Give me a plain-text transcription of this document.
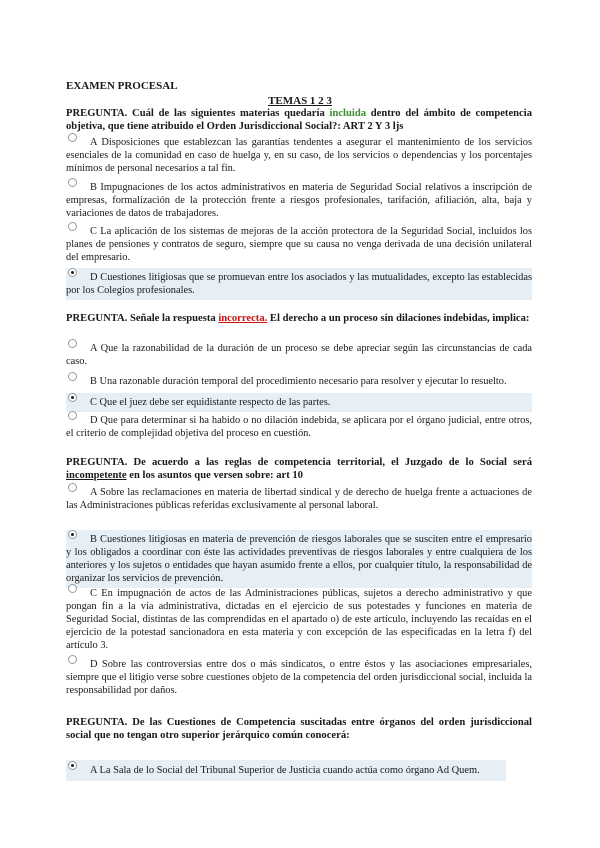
EXAMEN PROCESAL
TEMAS 1 2 3
PREGUNTA. Cuál de las siguientes materias quedaría incluida dentro del ámbito de competencia objetiva, que tiene atribuido el Orden Jurisdiccional Social?: ART 2 Y 3 ljs
A Disposiciones que establezcan las garantías tendentes a asegurar el mantenimiento de los servicios esenciales de la comunidad en caso de huelga y, en su caso, de los servicios o dependencias y los porcentajes mínimos de personal necesarios a tal fin.
B Impugnaciones de los actos administrativos en materia de Seguridad Social relativos a inscripción de empresas, formalización de la protección frente a riesgos profesionales, tarifación, afiliación, alta, baja y variaciones de datos de trabajadores.
C La aplicación de los sistemas de mejoras de la acción protectora de la Seguridad Social, incluidos los planes de pensiones y contratos de seguro, siempre que su causa no venga derivada de una decisión unilateral del empresario.
D Cuestiones litigiosas que se promuevan entre los asociados y las mutualidades, excepto las establecidas por los Colegios profesionales.
PREGUNTA. Señale la respuesta incorrecta. El derecho a un proceso sin dilaciones indebidas, implica:
A Que la razonabilidad de la duración de un proceso se debe apreciar según las circunstancias de cada caso.
B Una razonable duración temporal del procedimiento necesario para resolver y ejecutar lo resuelto.
C Que el juez debe ser equidistante respecto de las partes.
D Que para determinar si ha habido o no dilación indebida, se aplicara por el órgano judicial, entre otros, el criterio de complejidad objetiva del proceso en cuestión.
PREGUNTA. De acuerdo a las reglas de competencia territorial, el Juzgado de lo Social será incompetente en los asuntos que versen sobre: art 10
A Sobre las reclamaciones en materia de libertad sindical y de derecho de huelga frente a actuaciones de las Administraciones públicas referidas exclusivamente al personal laboral.
B Cuestiones litigiosas en materia de prevención de riesgos laborales que se susciten entre el empresario y los obligados a coordinar con éste las actividades preventivas de riesgos laborales y entre cualquiera de los anteriores y los sujetos o entidades que hayan asumido frente a ellos, por cualquier título, la responsabilidad de organizar los servicios de prevención.
C En impugnación de actos de las Administraciones públicas, sujetos a derecho administrativo y que pongan fin a la vía administrativa, dictadas en el ejercicio de sus potestades y funciones en materia de Seguridad Social, distintas de las comprendidas en el apartado o) de este artículo, incluyendo las recaídas en el ejercicio de la potestad sancionadora en esta materia y con excepción de las especificadas en la letra f) del artículo 3.
D Sobre las controversias entre dos o más sindicatos, o entre éstos y las asociaciones empresariales, siempre que el litigio verse sobre cuestiones objeto de la competencia del orden jurisdiccional social, incluida la responsabilidad por daños.
PREGUNTA. De las Cuestiones de Competencia suscitadas entre órganos del orden jurisdiccional social que no tengan otro superior jerárquico común conocerá:
A La Sala de lo Social del Tribunal Superior de Justicia cuando actúa como órgano Ad Quem.
